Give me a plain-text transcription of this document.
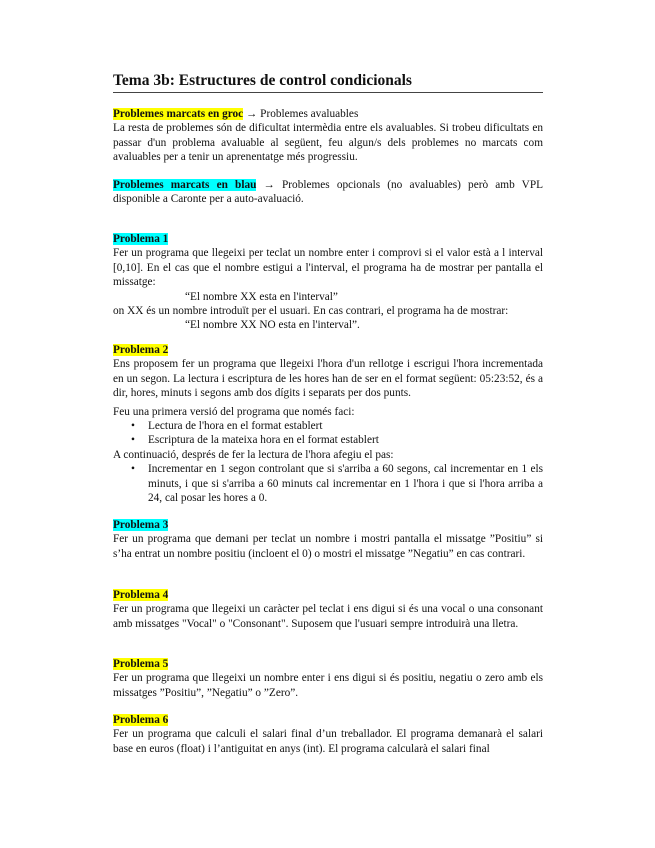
Tema 3b: Estructures de control condicionals
Problemes marcats en groc → Problemes avaluables
La resta de problemes són de dificultat intermèdia entre els avaluables. Si trobeu dificultats en passar d'un problema avaluable al següent, feu algun/s dels problemes no marcats com avaluables per a tenir un aprenentatge més progressiu.
Problemes marcats en blau → Problemes opcionals (no avaluables) però amb VPL disponible a Caronte per a auto-avaluació.
Problema 1
Fer un programa que llegeixi per teclat un nombre enter i comprovi si el valor està a l interval [0,10]. En el cas que el nombre estigui a l'interval, el programa ha de mostrar per pantalla el missatge:
“El nombre XX esta en l'interval”
on XX és un nombre introduït per el usuari. En cas contrari, el programa ha de mostrar:
“El nombre XX NO esta en l'interval”.
Problema 2
Ens proposem fer un programa que llegeixi l'hora d'un rellotge i escrigui l'hora incrementada en un segon. La lectura i escriptura de les hores han de ser en el format següent: 05:23:52, és a dir, hores, minuts i segons amb dos dígits i separats per dos punts.
Feu una primera versió del programa que només faci:
• Lectura de l'hora en el format establert
• Escriptura de la mateixa hora en el format establert
A continuació, després de fer la lectura de l'hora afegiu el pas:
• Incrementar en 1 segon controlant que si s'arriba a 60 segons, cal incrementar en 1 els minuts, i que si s'arriba a 60 minuts cal incrementar en 1 l'hora i que si l'hora arriba a 24, cal posar les hores a 0.
Problema 3
Fer un programa que demani per teclat un nombre i mostri pantalla el missatge ”Positiu” si s’ha entrat un nombre positiu (incloent el 0) o mostri el missatge ”Negatiu” en cas contrari.
Problema 4
Fer un programa que llegeixi un caràcter pel teclat i ens digui si és una vocal o una consonant amb missatges "Vocal" o "Consonant". Suposem que l'usuari sempre introduirà una lletra.
Problema 5
Fer un programa que llegeixi un nombre enter i ens digui si és positiu, negatiu o zero amb els missatges ”Positiu”, ”Negatiu” o ”Zero”.
Problema 6
Fer un programa que calculi el salari final d’un treballador. El programa demanarà el salari base en euros (float) i l’antiguitat en anys (int). El programa calcularà el salari final
